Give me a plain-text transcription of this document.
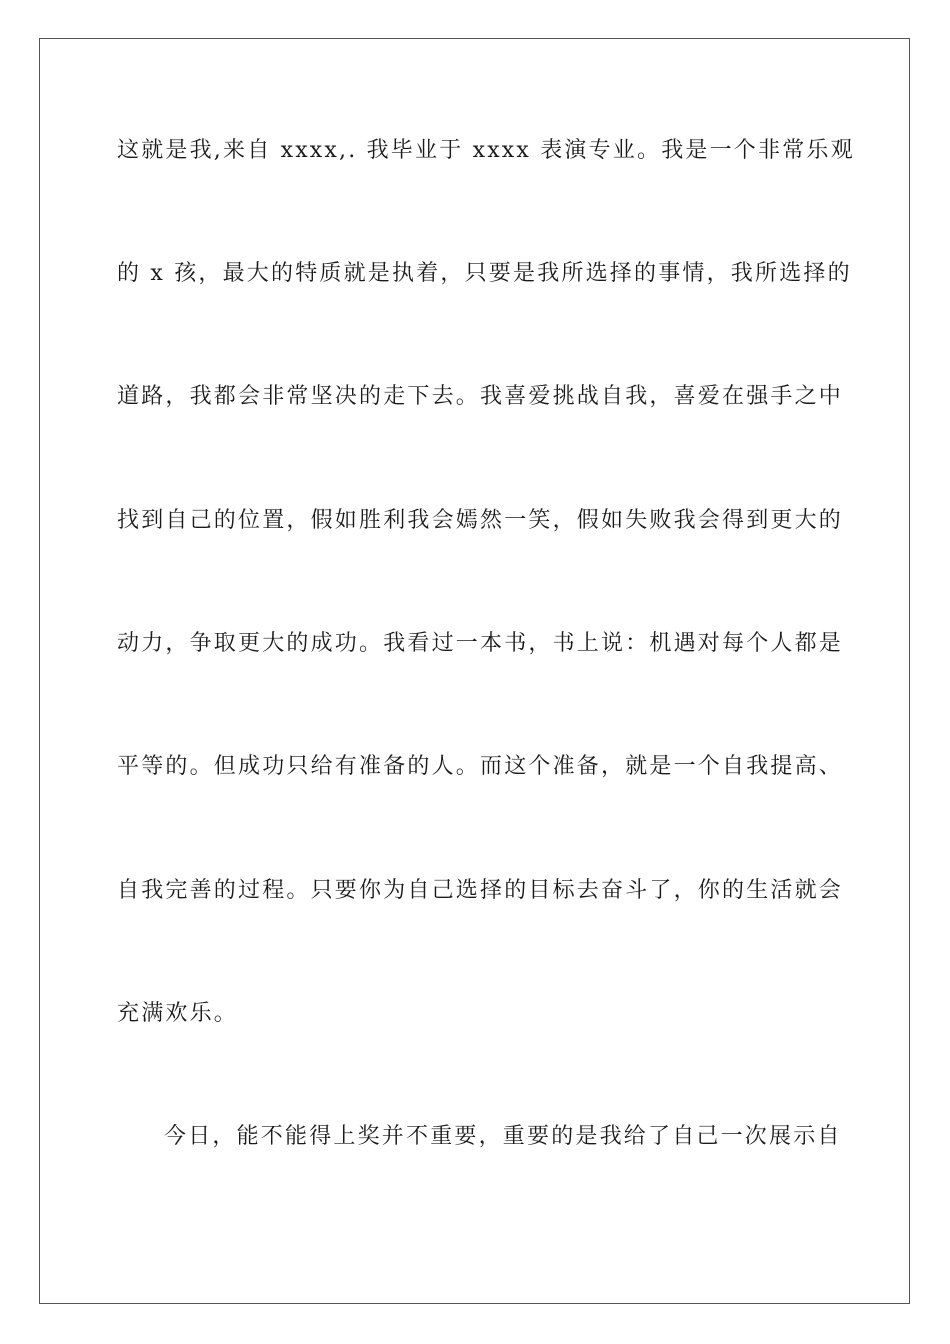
这就是我,来自 xxxx,. 我毕业于 xxxx 表演专业。我是一个非常乐观
的 x 孩，最大的特质就是执着，只要是我所选择的事情，我所选择的
道路，我都会非常坚决的走下去。我喜爱挑战自我，喜爱在强手之中
找到自己的位置，假如胜利我会嫣然一笑，假如失败我会得到更大的
动力，争取更大的成功。我看过一本书，书上说：机遇对每个人都是
平等的。但成功只给有准备的人。而这个准备，就是一个自我提高、
自我完善的过程。只要你为自己选择的目标去奋斗了，你的生活就会
充满欢乐。
今日，能不能得上奖并不重要，重要的是我给了自己一次展示自
